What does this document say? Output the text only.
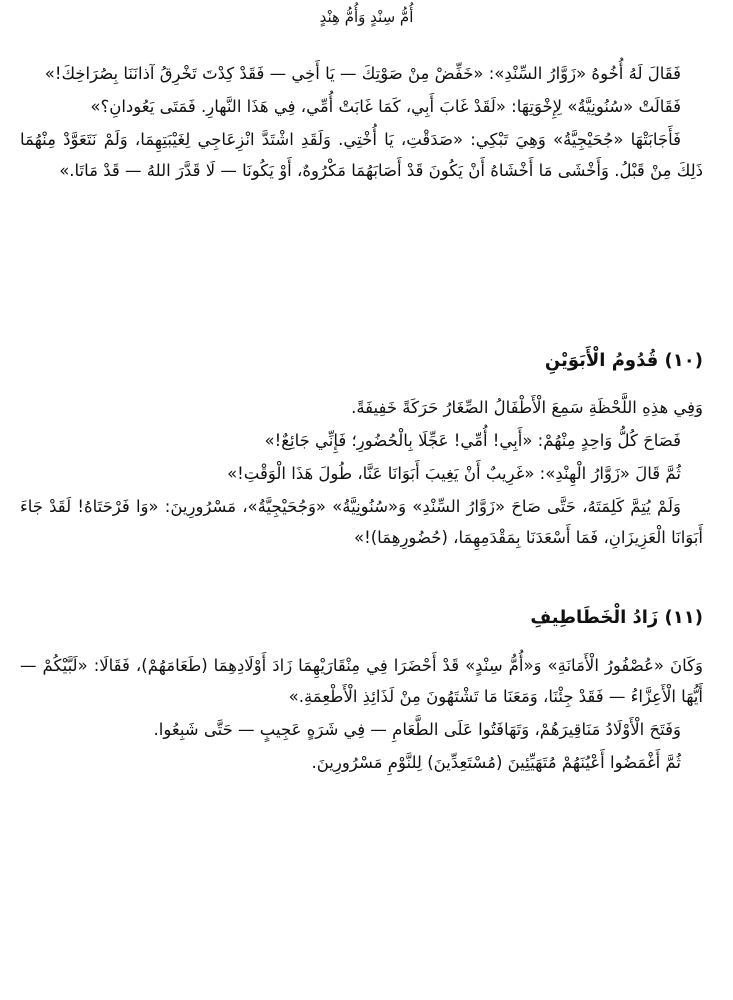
أُمُّ سِنْدٍ وَأُمُّ هِنْدٍ

فَقَالَ لَهُ أُخُوهُ «زَوَّارُ السِّنْدِ»: «خَفِّضْ مِنْ صَوْتِكَ — يَا أَخِي — فَقَدْ كِدْتَ تَخْرِقُ آذانَنَا بِصُرَاخِكَ!»

فَقَالَتْ «سُنُونِيَّةُ» لِإِخْوَتِهَا: «لَقَدْ غَابَ أَبِي، كَمَا غَابَتْ أُمِّي، فِي هَذَا النَّهارِ. فَمَتَى يَعُودانِ؟»

فَأَجَابَتْهَا «جُحَيْجِيَّةُ» وَهِيَ تَبْكِي: «صَدَقْتِ، يَا أُخْتِي. وَلَقَدِ اشْتَدَّ انْزِعَاجِي لِغَيْبَتِهِمَا، وَلَمْ نَتَعَوَّدْ مِنْهُمَا ذَلِكَ مِنْ قَبْلُ. وَأَخْشَى مَا أَخْشَاهُ أَنْ يَكُونَ قَدْ أَصَابَهُمَا مَكْرُوهٌ، أَوْ يَكُونَا — لَا قَدَّرَ اللهُ — قَدْ مَاتَا.»

(١٠) قُدُومُ الْأَبَوَيْنِ

وَفِي هذِهِ اللَّحْظَةِ سَمِعَ الْأَطْفَالُ الصِّغَارُ حَرَكَةً خَفِيفَةً.

فَصَاحَ كُلُّ وَاحِدٍ مِنْهُمْ: «أَبِي! أُمِّي! عَجِّلَا بِالْحُضُورِ؛ فَإِنِّي جَائِعٌ!»

ثُمَّ قَالَ «زَوَّارُ الْهِنْدِ»: «غَرِيبٌ أَنْ يَغِيبَ أَبَوَانَا عَنَّا، طُولَ هَذَا الْوَقْتِ!»

وَلَمْ يُتِمَّ كَلِمَتَهُ، حَتَّى صَاحَ «زَوَّارُ السِّنْدِ» وَ«سُنُونِيَّةُ» «وَجُحَيْجِيَّةُ»، مَسْرُورِينَ: «وَا فَرْحَتَاهُ! لَقَدْ جَاءَ أَبَوَانَا الْعَزِيزَانِ، فَمَا أَسْعَدَنَا بِمَقْدَمِهِمَا، (حُضُورِهِمَا)!»

(١١) زَادُ الْخَطَاطِيفِ

وَكَانَ «عُصْفُورُ الْأَمَانَةِ» وَ«أُمُّ سِنْدٍ» قَدْ أَحْضَرَا فِي مِنْقَارَيْهِمَا زَادَ أَوْلَادِهِمَا (طَعَامَهُمْ)، فَقَالَا: «لَبَّيْكُمْ — أَيُّهَا الْأَعِزَّاءُ — فَقَدْ جِئْنَا، وَمَعَنَا مَا تَشْتَهُونَ مِنْ لَذَائِذِ الْأَطْعِمَةِ.»

وَفَتَحَ الْأَوْلَادُ مَنَاقِيرَهُمْ، وَتَهَافَتُوا عَلَى الطَّعَامِ — فِي شَرَهٍ عَجِيبٍ — حَتَّى شَبِعُوا.

ثُمَّ أَغْمَضُوا أَعْيُنَهُمْ مُتَهَيِّئِينَ (مُسْتَعِدِّينَ) لِلنَّوْمِ مَسْرُورِينَ.
